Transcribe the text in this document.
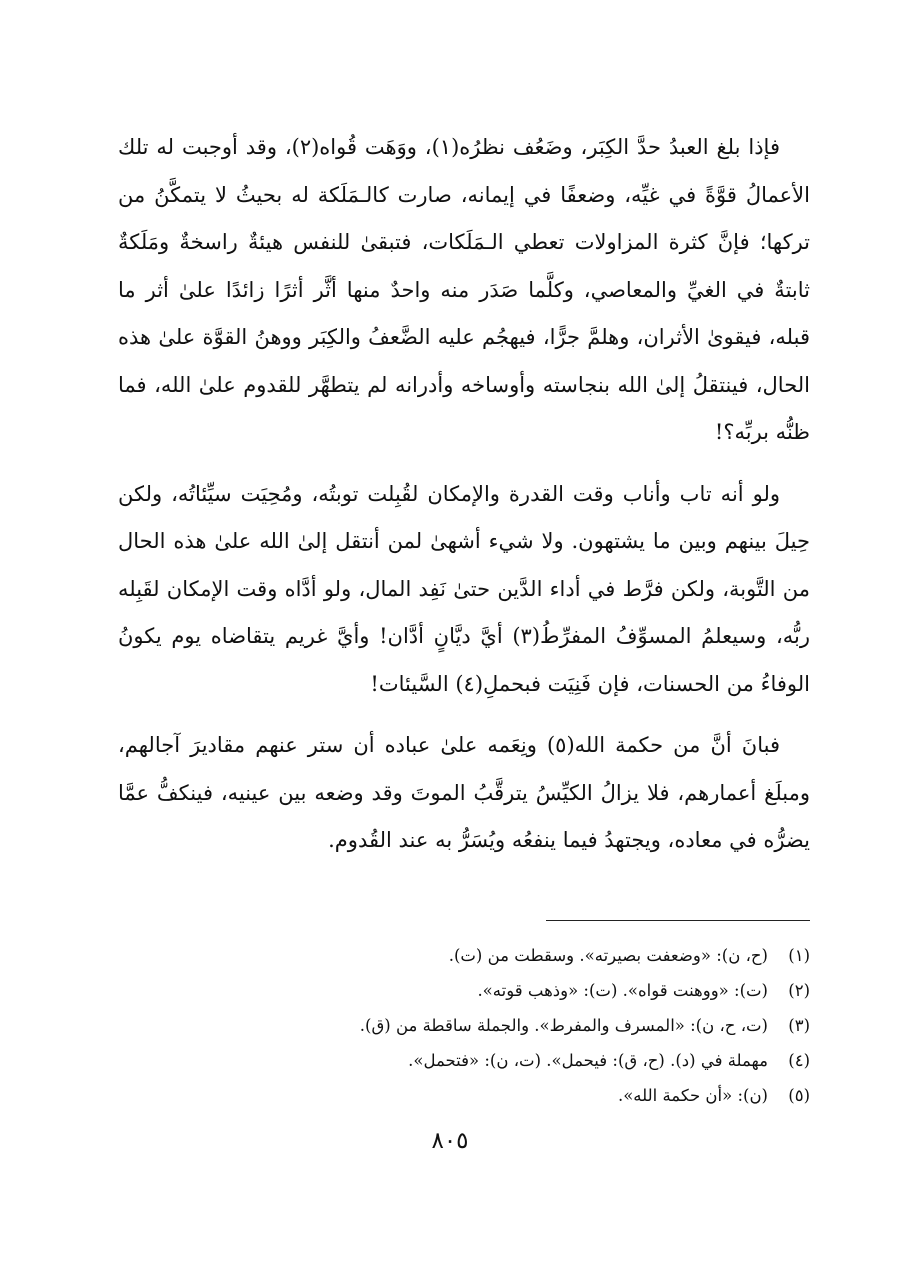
فإذا بلغ العبدُ حدَّ الكِبَر، وضَعُف نظرُه(١)، ووَهَت قُواه(٢)، وقد أوجبت له تلك الأعمالُ قوَّةً في غيِّه، وضعفًا في إيمانه، صارت كالـمَلَكة له بحيثُ لا يتمكَّنُ من تركها؛ فإنَّ كثرة المزاولات تعطي الـمَلَكات، فتبقىٰ للنفس هيئةٌ راسخةٌ ومَلَكةٌ ثابتةٌ في الغيِّ والمعاصي، وكلَّما صَدَر منه واحدٌ منها أثَّر أثرًا زائدًا علىٰ أثر ما قبله، فيقوىٰ الأثران، وهلمَّ جرًّا، فيهجُم عليه الضَّعفُ والكِبَر ووهنُ القوَّة علىٰ هذه الحال، فينتقلُ إلىٰ الله بنجاسته وأوساخه وأدرانه لم يتطهَّر للقدوم علىٰ الله، فما ظنُّه بربِّه؟!

ولو أنه تاب وأناب وقت القدرة والإمكان لقُبِلت توبتُه، ومُحِيَت سيِّئاتُه، ولكن حِيلَ بينهم وبين ما يشتهون. ولا شيء أشهىٰ لمن أنتقل إلىٰ الله علىٰ هذه الحال من التَّوبة، ولكن فرَّط في أداء الدَّين حتىٰ نَفِد المال، ولو أدَّاه وقت الإمكان لقَبِله ربُّه، وسيعلمُ المسوِّفُ المفرِّطُ(٣) أيَّ ديَّانٍ أدَّان! وأيَّ غريم يتقاضاه يوم يكونُ الوفاءُ من الحسنات، فإن فَنِيَت فبحملِ(٤) السَّيئات!

فبانَ أنَّ من حكمة الله(٥) ونِعَمه علىٰ عباده أن ستر عنهم مقاديرَ آجالهم، ومبلَغ أعمارهم، فلا يزالُ الكيِّسُ يترقَّبُ الموتَ وقد وضعه بين عينيه، فينكفُّ عمَّا يضرُّه في معاده، ويجتهدُ فيما ينفعُه ويُسَرُّ به عند القُدوم.

(١)(ح، ن): «وضعفت بصيرته». وسقطت من (ت).
(٢)(ت): «ووهنت قواه». (ت): «وذهب قوته».
(٣)(ت، ح، ن): «المسرف والمفرط». والجملة ساقطة من (ق).
(٤)مهملة في (د). (ح، ق): فيحمل». (ت، ن): «فتحمل».
(٥)(ن): «أن حكمة الله».
٨٠٥
